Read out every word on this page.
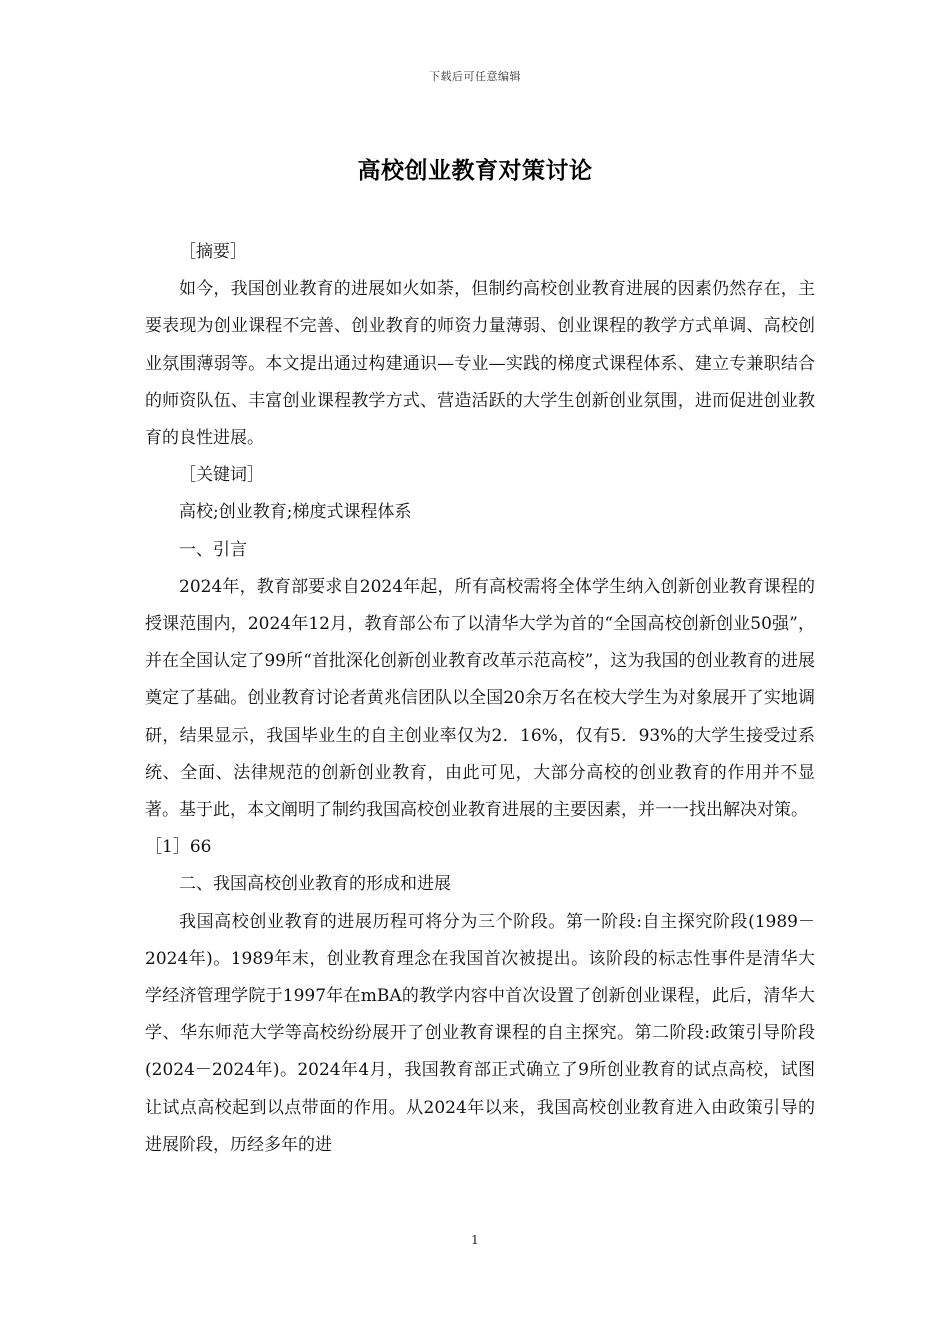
下载后可任意编辑
高校创业教育对策讨论

［摘要］

如今，我国创业教育的进展如火如荼，但制约高校创业教育进展的因素仍然存在，主要表现为创业课程不完善、创业教育的师资力量薄弱、创业课程的教学方式单调、高校创业氛围薄弱等。本文提出通过构建通识—专业—实践的梯度式课程体系、建立专兼职结合的师资队伍、丰富创业课程教学方式、营造活跃的大学生创新创业氛围，进而促进创业教育的良性进展。

［关键词］

高校;创业教育;梯度式课程体系

一、引言

2024年，教育部要求自2024年起，所有高校需将全体学生纳入创新创业教育课程的授课范围内，2024年12月，教育部公布了以清华大学为首的“全国高校创新创业50强”，并在全国认定了99所“首批深化创新创业教育改革示范高校”，这为我国的创业教育的进展奠定了基础。创业教育讨论者黄兆信团队以全国20余万名在校大学生为对象展开了实地调研，结果显示，我国毕业生的自主创业率仅为2．16%，仅有5．93%的大学生接受过系统、全面、法律规范的创新创业教育，由此可见，大部分高校的创业教育的作用并不显著。基于此，本文阐明了制约我国高校创业教育进展的主要因素，并一一找出解决对策。

［1］66

二、我国高校创业教育的形成和进展

我国高校创业教育的进展历程可将分为三个阶段。第一阶段:自主探究阶段(1989－2024年)。1989年末，创业教育理念在我国首次被提出。该阶段的标志性事件是清华大学经济管理学院于1997年在mBA的教学内容中首次设置了创新创业课程，此后，清华大学、华东师范大学等高校纷纷展开了创业教育课程的自主探究。第二阶段:政策引导阶段(2024－2024年)。2024年4月，我国教育部正式确立了9所创业教育的试点高校，试图让试点高校起到以点带面的作用。从2024年以来，我国高校创业教育进入由政策引导的进展阶段，历经多年的进

1
